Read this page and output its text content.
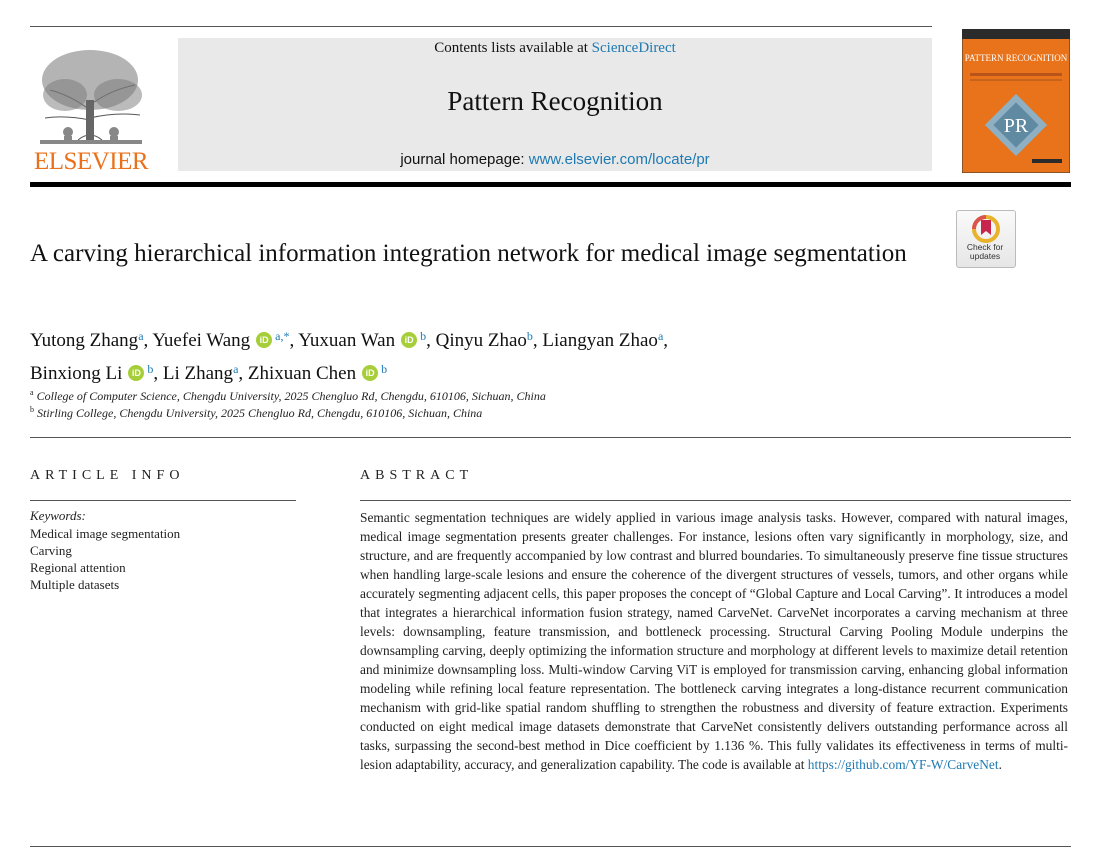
ELSEVIER
Contents lists available at ScienceDirect
Pattern Recognition
journal homepage: www.elsevier.com/locate/pr
PATTERN RECOGNITION
PR
Check for
updates
A carving hierarchical information integration network for medical image segmentation
Yutong Zhang$^a$, Yuefei Wang iD $^{a,*}$, Yuxuan Wan iD $^b$, Qinyu Zhao$^b$, Liangyan Zhao$^a$,
Binxiong Li iD $^b$, Li Zhang$^a$, Zhixuan Chen iD $^b$
$^a$ College of Computer Science, Chengdu University, 2025 Chengluo Rd, Chengdu, 610106, Sichuan, China
$^b$ Stirling College, Chengdu University, 2025 Chengluo Rd, Chengdu, 610106, Sichuan, China
ARTICLE INFO
Keywords:
Medical image segmentation
Carving
Regional attention
Multiple datasets
ABSTRACT
Semantic segmentation techniques are widely applied in various image analysis tasks. However, compared with natural images, medical image segmentation presents greater challenges. For instance, lesions often vary significantly in morphology, size, and structure, and are frequently accompanied by low contrast and blurred boundaries. To simultaneously preserve fine tissue structures when handling large-scale lesions and ensure the coherence of the divergent structures of vessels, tumors, and other organs while accurately segmenting adjacent cells, this paper proposes the concept of “Global Capture and Local Carving”. It introduces a model that integrates a hierarchical information fusion strategy, named CarveNet. CarveNet incorporates a carving mechanism at three levels: downsampling, feature transmission, and bottleneck processing. Structural Carving Pooling Module underpins the downsampling carving, deeply optimizing the information structure and morphology at different levels to maximize detail retention and minimize downsampling loss. Multi-window Carving ViT is employed for transmission carving, enhancing global information modeling while refining local feature representation. The bottleneck carving integrates a long-distance recurrent communication mechanism with grid-like spatial random shuffling to strengthen the robustness and diversity of feature extraction. Experiments conducted on eight medical image datasets demonstrate that CarveNet consistently delivers outstanding performance across all tasks, surpassing the second-best method in Dice coefficient by 1.136 %. This fully validates its effectiveness in terms of multi-lesion adaptability, accuracy, and generalization capability. The code is available at https://github.com/YF-W/CarveNet.
